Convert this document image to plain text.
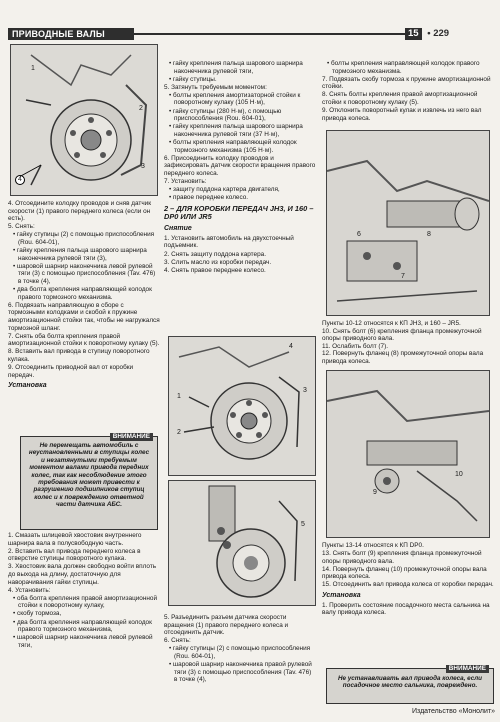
ПРИВОДНЫЕ ВАЛЫ	15 • 229
1
2
3
4

4. Отсоедините колодку проводов и сняв датчик скорости (1) правого переднего колеса (если он есть).

5. Снять:

• гайку ступицы (2) с помощью приспособления (Rou. 604-01),

• гайку крепления пальца шарового шарнира наконечника рулевой тяги (3),

• шаровой шарнир наконечника левой рулевой тяги (3) с помощью приспособления (Tav. 476) в точке (4),

• два болта крепления направляющей колодок правого тормозного механизма.

6. Подвязать направляющую в сборе с тормозными колодками и скобой к пружине амортизационной стойки так, чтобы не нагружался тормозной шланг.

7. Снять оба болта крепления правой амортизационной стойки к поворотному кулаку (5).

8. Вставить вал привода в ступицу поворотного кулака.

9. Отсоединить приводной вал от коробки передач.

Установка

ВНИМАНИЕ
Не перемещать автомобиль с неустановленными в ступицы колес и незатянутыми требуемым моментом валами привода передних колес, так как несоблюдение этого требования может привести к разрушению подшипников ступиц колес и к повреждению ответной части датчика АБС.

1. Смазать шлицевой хвостовик внутреннего шарнира вала в полусвободную часть.

2. Вставить вал привода переднего колеса в отверстие ступицы поворотного кулака.

3. Хвостовик вала должен свободно войти вплоть до выхода на длину, достаточную для наворачивания гайки ступицы.

4. Установить:

• оба болта крепления правой амортизационной стойки к поворотному кулаку,

• скобу тормоза,

• два болта крепления направляющей колодок правого тормозного механизма,

• шаровой шарнир наконечника левой рулевой тяги,

• гайку крепления пальца шарового шарнира наконечника рулевой тяги,

• гайку ступицы.

5. Затянуть требуемым моментом:

• болты крепления амортизаторной стойки к поворотному кулаку (105 Н·м),

• гайку ступицы (280 Н·м), с помощью приспособления (Rou. 604-01),

• гайку крепления пальца шарового шарнира наконечника рулевой тяги (37 Н·м),

• болты крепления направляющей колодок тормозного механизма (105 Н·м).

6. Присоединить колодку проводов и зафиксировать датчик скорости вращения правого переднего колеса.

7. Установить:

• защиту поддона картера двигателя,

• правое переднее колесо.

2 – ДЛЯ КОРОБКИ ПЕРЕДАЧ JH3, И 160 – DP0 ИЛИ JR5

Снятие

1. Установить автомобиль на двухстоечный подъемник.

2. Снять защиту поддона картера.

3. Слить масло из коробки передач.

4. Снять правое переднее колесо.

1
2
3
4
5

5. Разъединить разъем датчика скорости вращения (1) правого переднего колеса и отсоединить датчик.

6. Снять:

• гайку ступицы (2) с помощью приспособления (Rou. 604-01),

• шаровой шарнир наконечника правой рулевой тяги (3) с помощью приспособления (Tav. 476) в точке (4),

• болты крепления направляющей колодок правого тормозного механизма.

7. Подвязать скобу тормоза к пружине амортизационной стойки.

8. Снять болты крепления правой амортизационной стойки к поворотному кулаку (5).

9. Отклонить поворотный кулак и извлечь из него вал привода колеса.

6
7
8

Пункты 10-12 относятся к КП JH3, и 160 – JR5.

10. Снять болт (6) крепления фланца промежуточной опоры приводного вала.

11. Ослабить болт (7).

12. Повернуть фланец (8) промежуточной опоры вала привода колеса.

9
10

Пункты 13-14 относятся к КП DP0.

13. Снять болт (9) крепления фланца промежуточной опоры приводного вала.

14. Повернуть фланец (10) промежуточной опоры вала привода колеса.

15. Отсоединить вал привода колеса от коробки передач.

Установка

1. Проверить состояние посадочного места сальника на валу привода колеса.

ВНИМАНИЕ
Не устанавливать вал привода колеса, если посадочное место сальника, повреждено.
Издательство «Монолит»
